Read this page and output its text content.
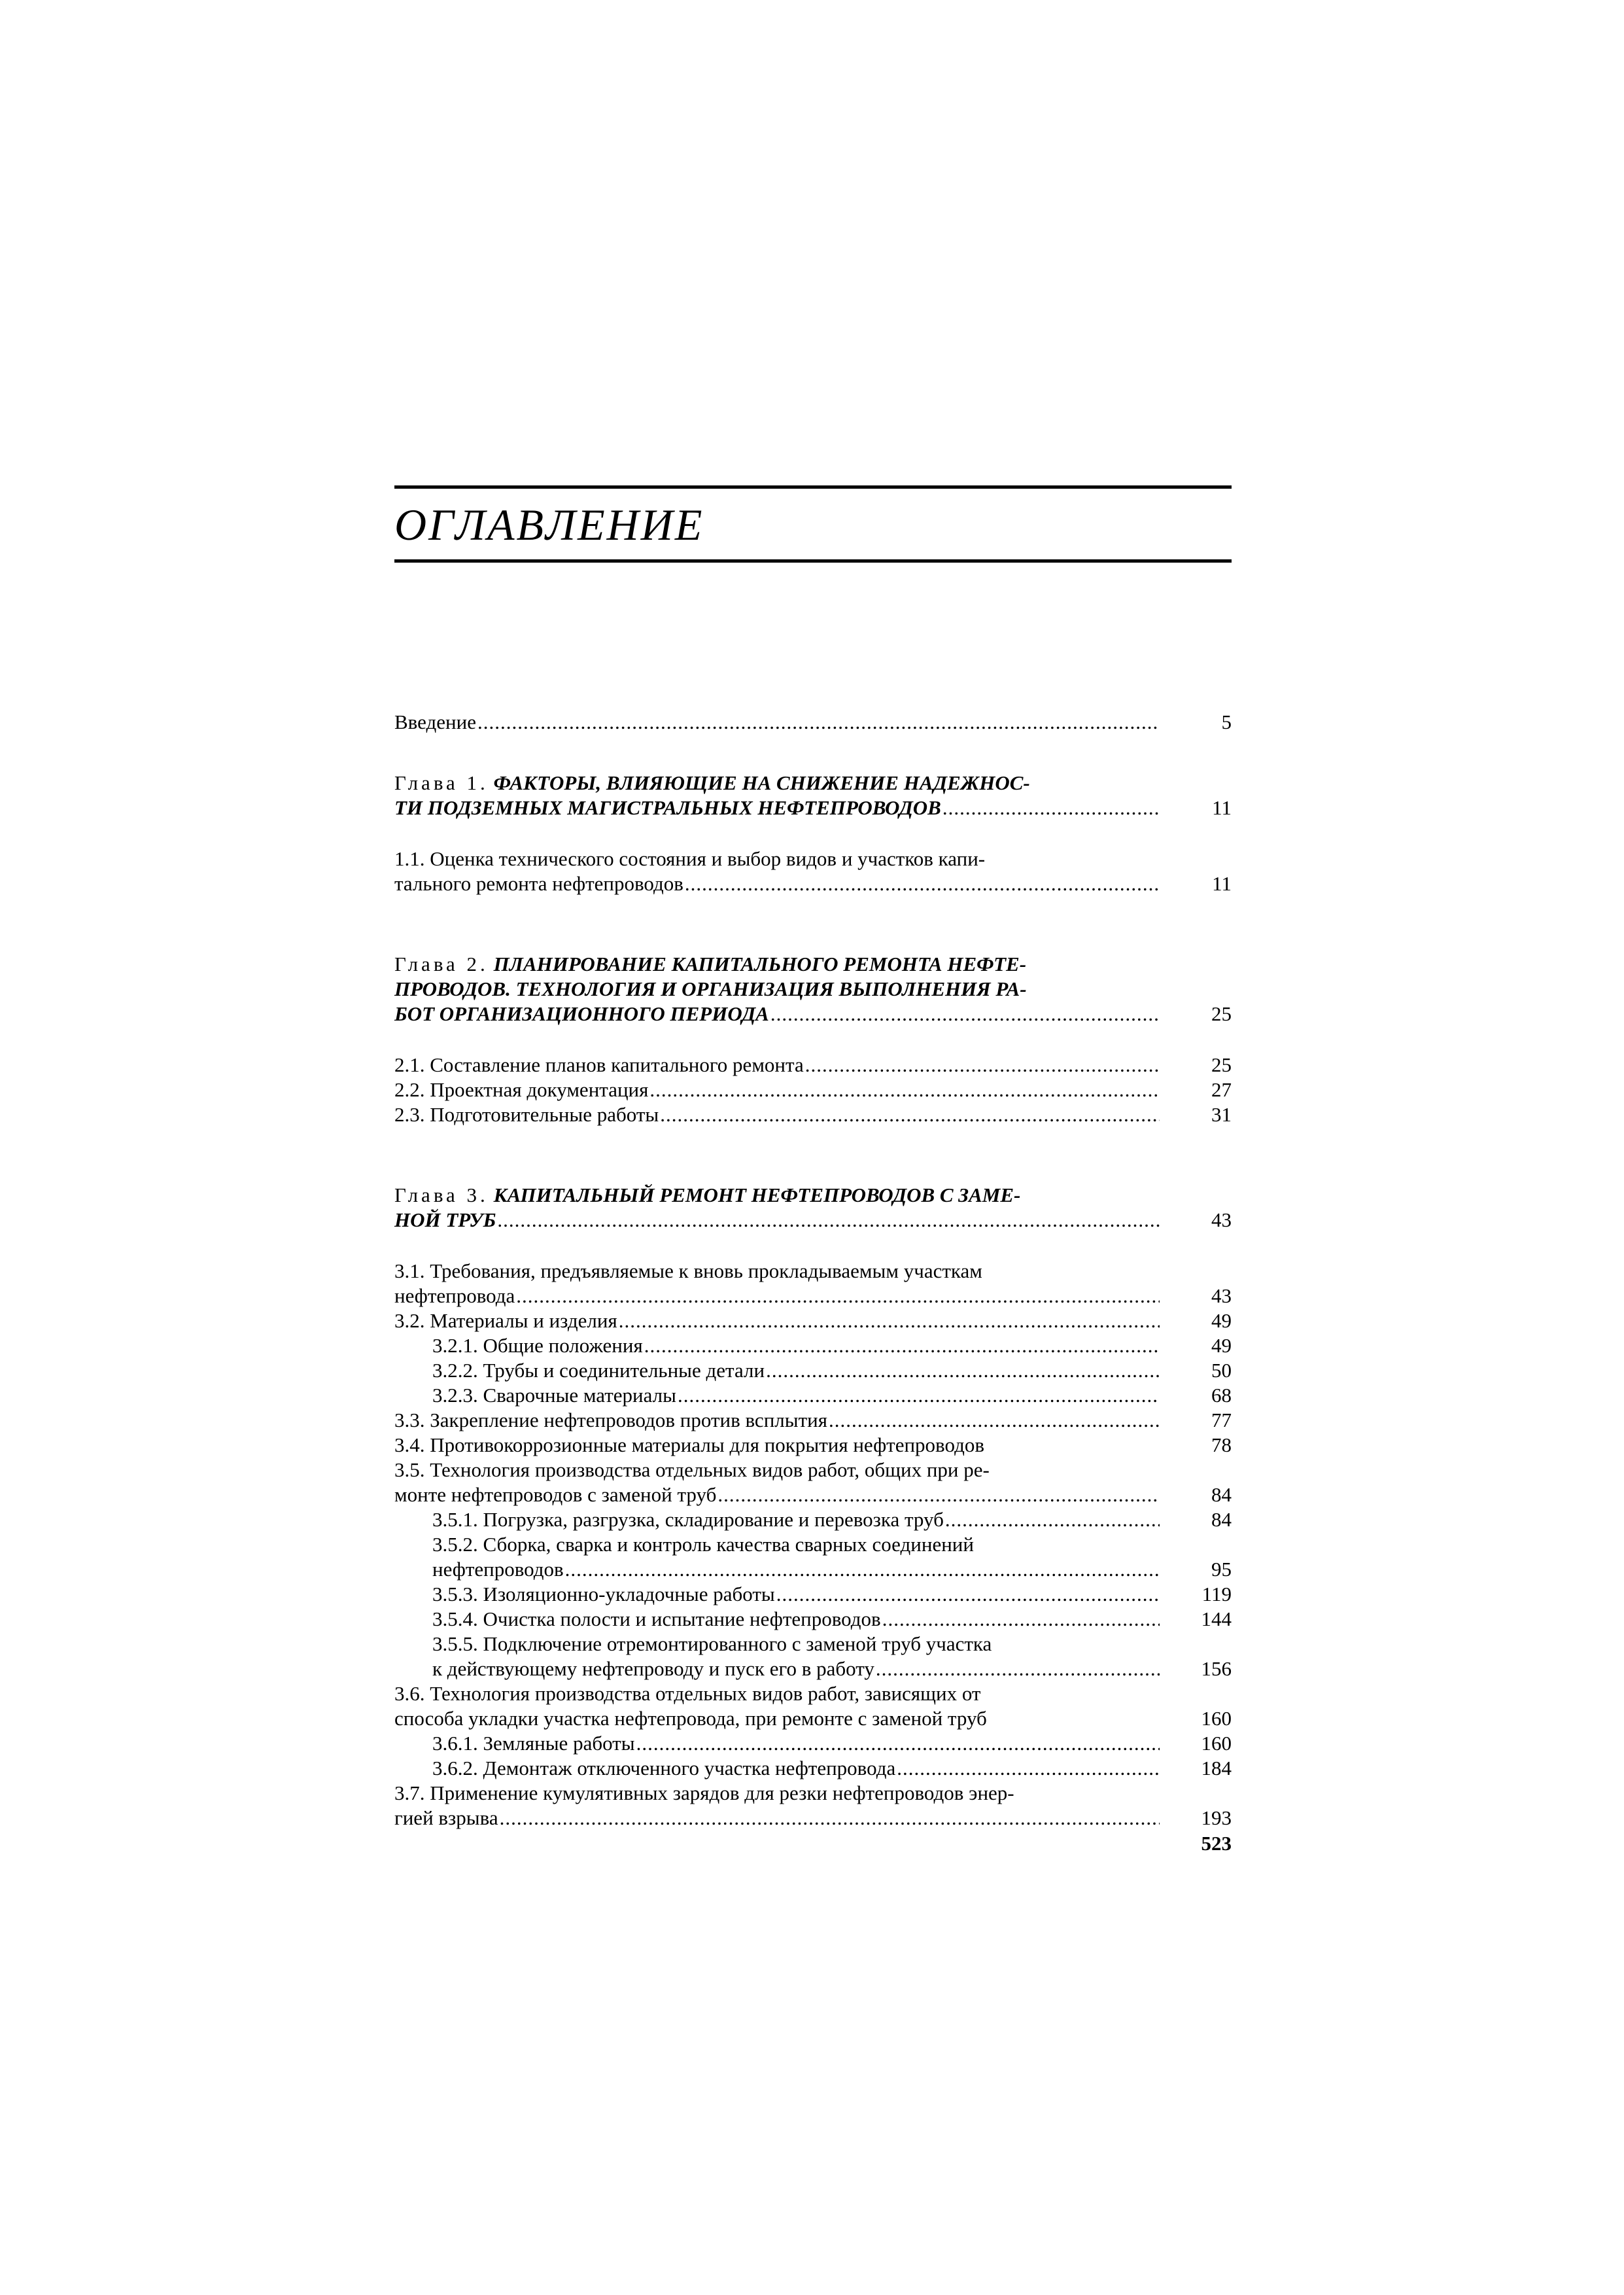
ОГЛАВЛЕНИЕ
Введение .....	5
Глава 1. ФАКТОРЫ, ВЛИЯЮЩИЕ НА СНИЖЕНИЕ НАДЕЖНОС-
ТИ ПОДЗЕМНЫХ МАГИСТРАЛЬНЫХ НЕФТЕПРОВОДОВ .....	11
1.1. Оценка технического состояния и выбор видов и участков капи-
тального ремонта нефтепроводов .....	11
Глава 2. ПЛАНИРОВАНИЕ КАПИТАЛЬНОГО РЕМОНТА НЕФТЕ-
ПРОВОДОВ. ТЕХНОЛОГИЯ И ОРГАНИЗАЦИЯ ВЫПОЛНЕНИЯ РА-
БОТ ОРГАНИЗАЦИОННОГО ПЕРИОДА .....	25
2.1. Составление планов капитального ремонта .....	25
2.2. Проектная документация .....	27
2.3. Подготовительные работы .....	31
Глава 3. КАПИТАЛЬНЫЙ РЕМОНТ НЕФТЕПРОВОДОВ С ЗАМЕ-
НОЙ ТРУБ .....	43
3.1. Требования, предъявляемые к вновь прокладываемым участкам
нефтепровода .....	43
3.2. Материалы и изделия .....	49
3.2.1. Общие положения .....	49
3.2.2. Трубы и соединительные детали .....	50
3.2.3. Сварочные материалы .....	68
3.3. Закрепление нефтепроводов против всплытия .....	77
3.4. Противокоррозионные материалы для покрытия нефтепроводов	78
3.5. Технология производства отдельных видов работ, общих при ре-
монте нефтепроводов с заменой труб .....	84
3.5.1. Погрузка, разгрузка, складирование и перевозка труб .....	84
3.5.2. Сборка, сварка и контроль качества сварных соединений
нефтепроводов .....	95
3.5.3. Изоляционно-укладочные работы .....	119
3.5.4. Очистка полости и испытание нефтепроводов .....	144
3.5.5. Подключение отремонтированного с заменой труб участка
к действующему нефтепроводу и пуск его в работу .....	156
3.6. Технология производства отдельных видов работ, зависящих от
способа укладки участка нефтепровода, при ремонте с заменой труб	160
3.6.1. Земляные работы .....	160
3.6.2. Демонтаж отключенного участка нефтепровода .....	184
3.7. Применение кумулятивных зарядов для резки нефтепроводов энер-
гией взрыва .....	193
523
